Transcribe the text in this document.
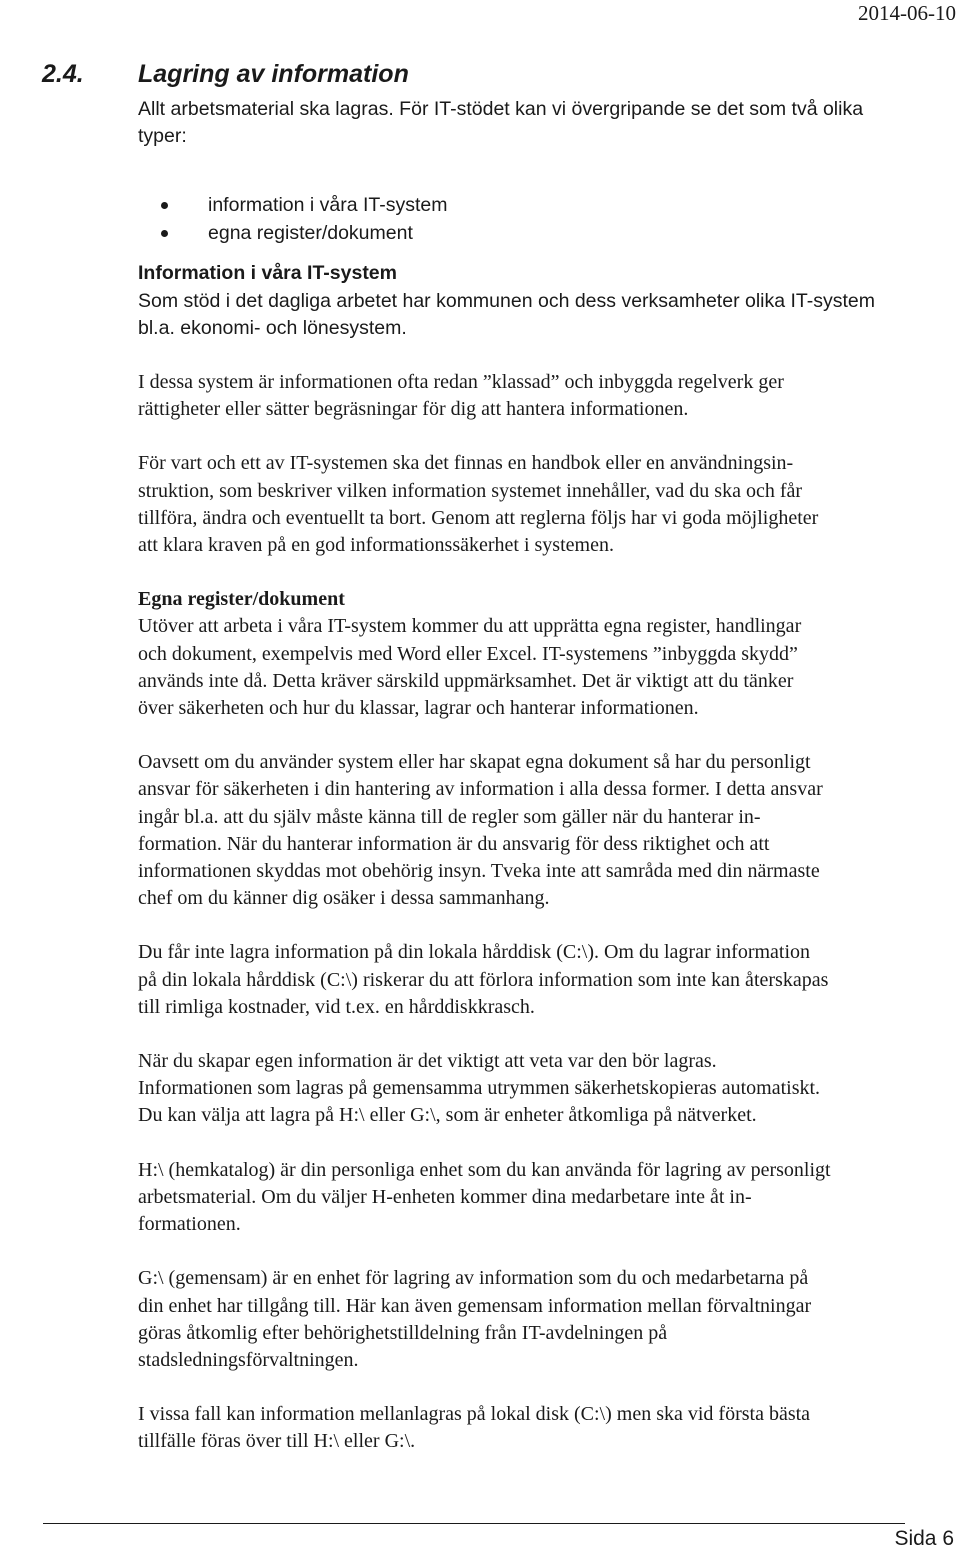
2014-06-10
2.4. Lagring av information

Allt arbetsmaterial ska lagras. För IT-stödet kan vi övergripande se det som två olika
typer:

information i våra IT-system
egna register/dokument

Information i våra IT-system

Som stöd i det dagliga arbetet har kommunen och dess verksamheter olika IT-system
bl.a. ekonomi- och lönesystem.

I dessa system är informationen ofta redan ”klassad” och inbyggda regelverk ger
rättigheter eller sätter begräsningar för dig att hantera informationen.

För vart och ett av IT-systemen ska det finnas en handbok eller en användningsin-
struktion, som beskriver vilken information systemet innehåller, vad du ska och får
tillföra, ändra och eventuellt ta bort. Genom att reglerna följs har vi goda möjligheter
att klara kraven på en god informationssäkerhet i systemen.

Egna register/dokument

Utöver att arbeta i våra IT-system kommer du att upprätta egna register, handlingar
och dokument, exempelvis med Word eller Excel. IT-systemens ”inbyggda skydd”
används inte då. Detta kräver särskild uppmärksamhet. Det är viktigt att du tänker
över säkerheten och hur du klassar, lagrar och hanterar informationen.

Oavsett om du använder system eller har skapat egna dokument så har du personligt
ansvar för säkerheten i din hantering av information i alla dessa former. I detta ansvar
ingår bl.a. att du själv måste känna till de regler som gäller när du hanterar in-
formation. När du hanterar information är du ansvarig för dess riktighet och att
informationen skyddas mot obehörig insyn. Tveka inte att samråda med din närmaste
chef om du känner dig osäker i dessa sammanhang.

Du får inte lagra information på din lokala hårddisk (C:\). Om du lagrar information
på din lokala hårddisk (C:\) riskerar du att förlora information som inte kan återskapas
till rimliga kostnader, vid t.ex. en hårddiskkrasch.

När du skapar egen information är det viktigt att veta var den bör lagras.
Informationen som lagras på gemensamma utrymmen säkerhetskopieras automatiskt.
Du kan välja att lagra på H:\ eller G:\, som är enheter åtkomliga på nätverket.

H:\ (hemkatalog) är din personliga enhet som du kan använda för lagring av personligt
arbetsmaterial. Om du väljer H-enheten kommer dina medarbetare inte åt in-
formationen.

G:\ (gemensam) är en enhet för lagring av information som du och medarbetarna på
din enhet har tillgång till. Här kan även gemensam information mellan förvaltningar
göras åtkomlig efter behörighetstilldelning från IT-avdelningen på
stadsledningsförvaltningen.

I vissa fall kan information mellanlagras på lokal disk (C:\) men ska vid första bästa
tillfälle föras över till H:\ eller G:\.

Sida 6
